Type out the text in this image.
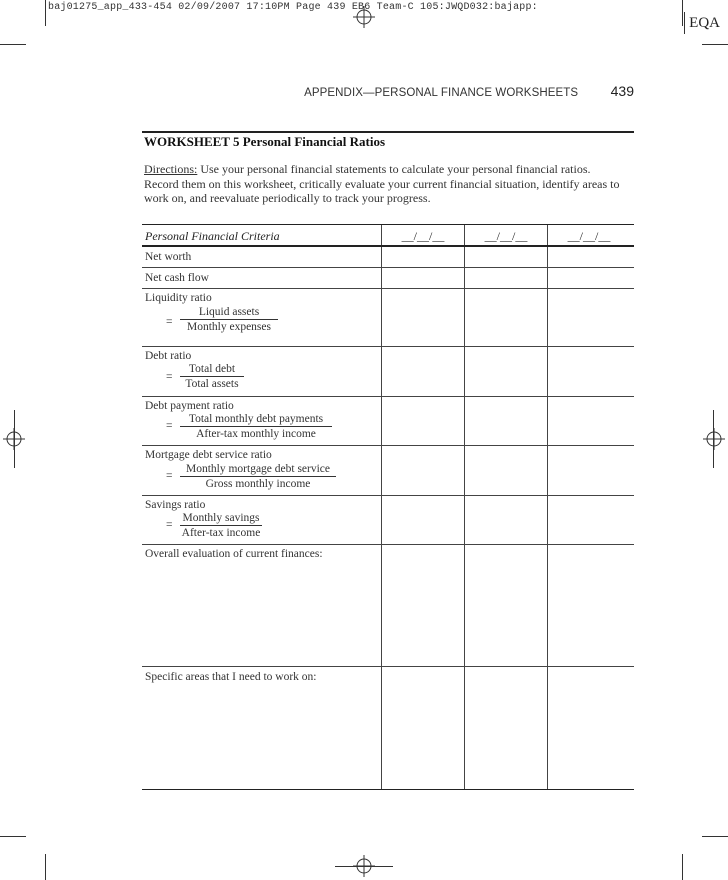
baj01275_app_433-454 02/09/2007 17:10PM Page 439 EB6 Team-C 105:JWQD032:bajapp:
EQA
APPENDIX—PERSONAL FINANCE WORKSHEETS 439
WORKSHEET 5 Personal Financial Ratios
Directions: Use your personal financial statements to calculate your personal financial ratios. Record them on this worksheet, critically evaluate your current financial situation, identify areas to work on, and reevaluate periodically to track your progress.
Personal Financial Criteria	__/__/__	__/__/__	__/__/__
Net worth
Net cash flow
Liquidity ratio
=
Liquid assets
Monthly expenses
Debt ratio
=
Total debt
Total assets
Debt payment ratio
=
Total monthly debt payments
After-tax monthly income
Mortgage debt service ratio
=
Monthly mortgage debt service
Gross monthly income
Savings ratio
=
Monthly savings
After-tax income
Overall evaluation of current finances:
Specific areas that I need to work on:
